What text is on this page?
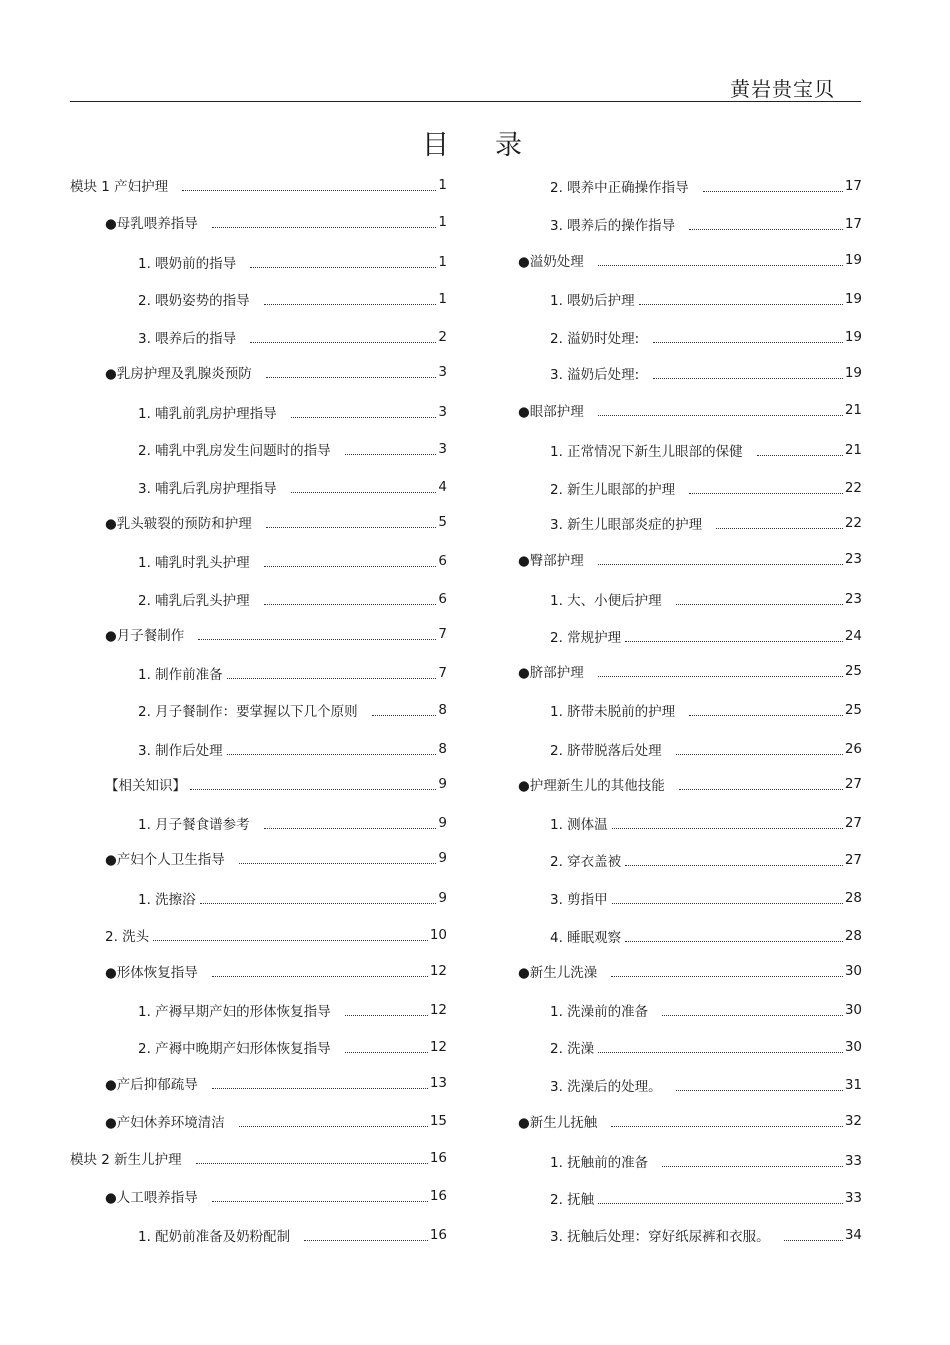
黄岩贵宝贝
目录
模块 1 产妇护理	1
●母乳喂养指导	1
1. 喂奶前的指导	1
2. 喂奶姿势的指导	1
3. 喂养后的指导	2
●乳房护理及乳腺炎预防	3
1. 哺乳前乳房护理指导	3
2. 哺乳中乳房发生问题时的指导	3
3. 哺乳后乳房护理指导	4
●乳头皲裂的预防和护理	5
1. 哺乳时乳头护理	6
2. 哺乳后乳头护理	6
●月子餐制作	7
1. 制作前准备	7
2. 月子餐制作：要掌握以下几个原则	8
3. 制作后处理	8
【相关知识】	9
1. 月子餐食谱参考	9
●产妇个人卫生指导	9
1. 洗擦浴	9
2. 洗头	10
●形体恢复指导	12
1. 产褥早期产妇的形体恢复指导	12
2. 产褥中晚期产妇形体恢复指导	12
●产后抑郁疏导	13
●产妇休养环境清洁	15
模块 2 新生儿护理	16
●人工喂养指导	16
1. 配奶前准备及奶粉配制	16
2. 喂养中正确操作指导	17
3. 喂养后的操作指导	17
●溢奶处理	19
1. 喂奶后护理	19
2. 溢奶时处理:	19
3. 溢奶后处理:	19
●眼部护理	21
1. 正常情况下新生儿眼部的保健	21
2. 新生儿眼部的护理	22
3. 新生儿眼部炎症的护理	22
●臀部护理	23
1. 大、小便后护理	23
2. 常规护理	24
●脐部护理	25
1. 脐带未脱前的护理	25
2. 脐带脱落后处理	26
●护理新生儿的其他技能	27
1. 测体温	27
2. 穿衣盖被	27
3. 剪指甲	28
4. 睡眠观察	28
●新生儿洗澡	30
1. 洗澡前的准备	30
2. 洗澡	30
3. 洗澡后的处理。	31
●新生儿抚触	32
1. 抚触前的准备	33
2. 抚触	33
3. 抚触后处理：穿好纸尿裤和衣服。	34
